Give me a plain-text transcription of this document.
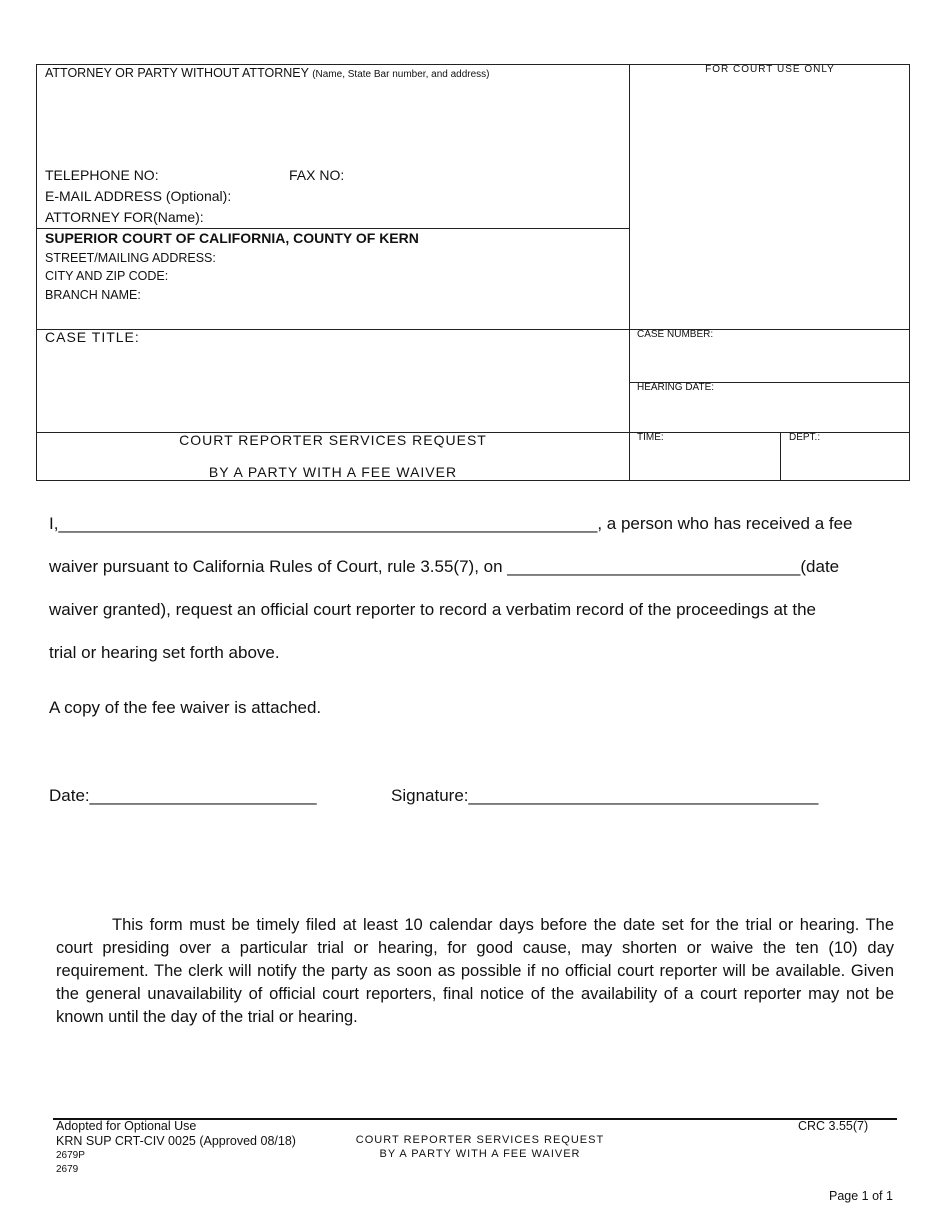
ATTORNEY OR PARTY WITHOUT ATTORNEY (Name, State Bar number, and address)	FOR COURT USE ONLY
TELEPHONE NO:	FAX NO:
E-MAIL ADDRESS (Optional):
ATTORNEY FOR(Name):
SUPERIOR COURT OF CALIFORNIA, COUNTY OF KERN
STREET/MAILING ADDRESS:
CITY AND ZIP CODE:
BRANCH NAME:
CASE TITLE:	CASE NUMBER:
HEARING DATE:
COURT REPORTER SERVICES REQUEST
BY A PARTY WITH A FEE WAIVER
TIME:	DEPT.:
I,_________________________________________________________, a person who has received a fee
waiver pursuant to California Rules of Court, rule 3.55(7), on _______________________________(date
waiver granted), request an official court reporter to record a verbatim record of the proceedings at the
trial or hearing set forth above.
A copy of the fee waiver is attached.
Date:________________________	Signature:_____________________________________
This form must be timely filed at least 10 calendar days before the date set for the trial or hearing. The court presiding over a particular trial or hearing, for good cause, may shorten or waive the ten (10) day requirement. The clerk will notify the party as soon as possible if no official court reporter will be available. Given the general unavailability of official court reporters, final notice of the availability of a court reporter may not be known until the day of the trial or hearing.
Adopted for Optional Use
KRN SUP CRT-CIV 0025 (Approved 08/18)
2679P
2679
COURT REPORTER SERVICES REQUEST
BY A PARTY WITH A FEE WAIVER
CRC 3.55(7)
Page 1 of 1
